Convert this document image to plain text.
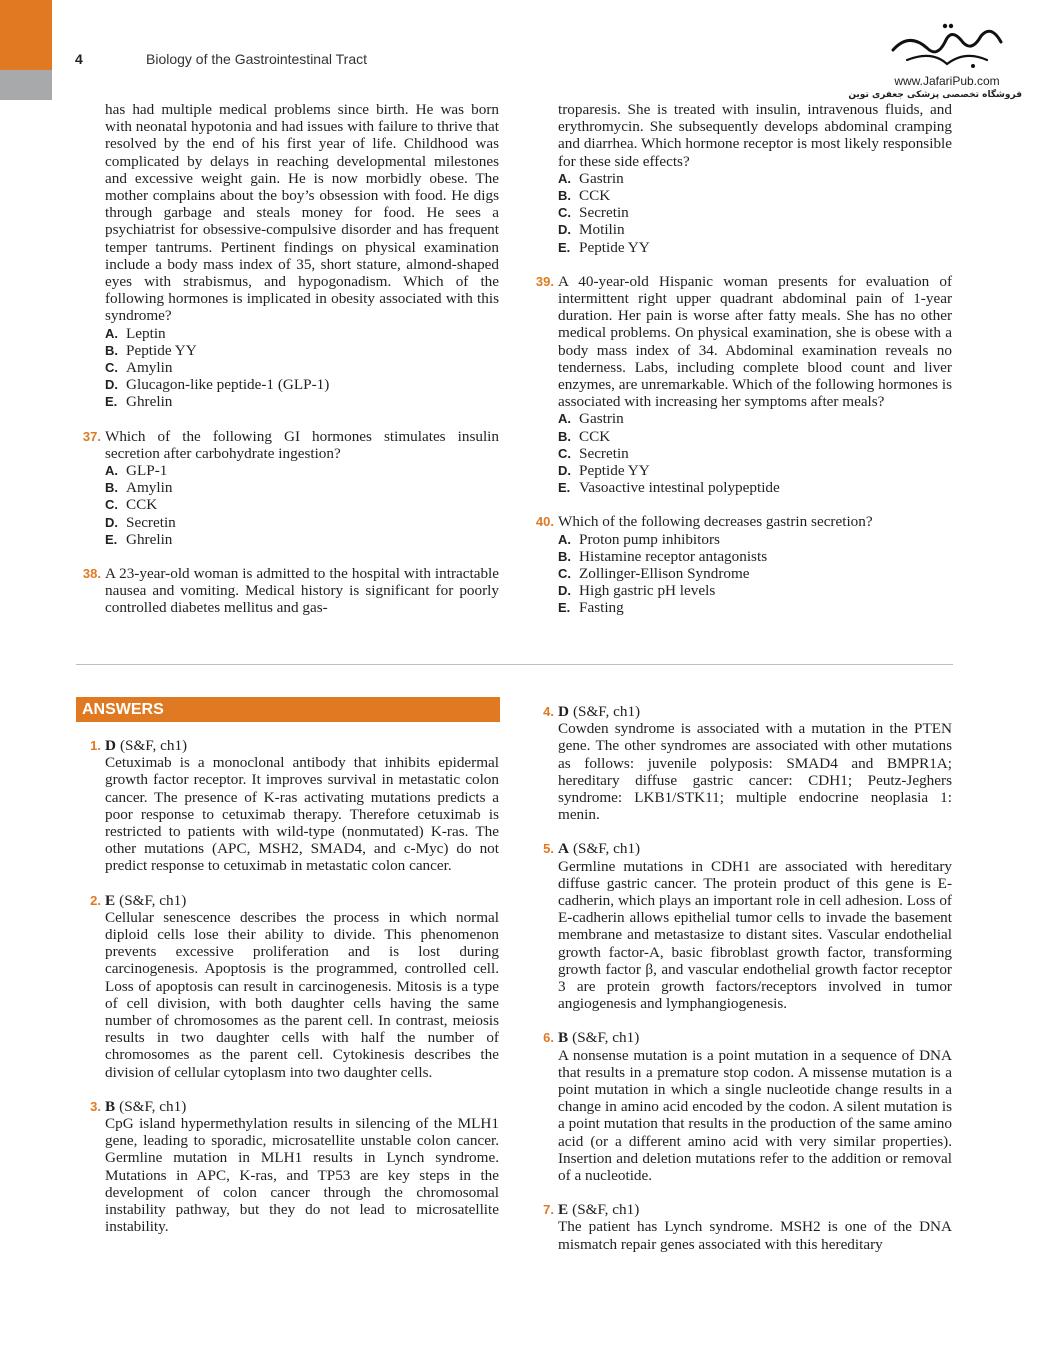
4	Biology of the Gastrointestinal Tract
www.JafariPub.com
فروشگاه تخصصی پزشکی جعفری توین

has had multiple medical problems since birth. He was born with neonatal hypotonia and had issues with failure to thrive that resolved by the end of his first year of life. Childhood was complicated by delays in reaching developmental milestones and excessive weight gain. He is now morbidly obese. The mother complains about the boy’s obsession with food. He digs through garbage and steals money for food. He sees a psychiatrist for obsessive-compulsive disorder and has frequent temper tantrums. Pertinent findings on physical examination include a body mass index of 35, short stature, almond-shaped eyes with strabismus, and hypogonadism. Which of the following hormones is implicated in obesity associated with this syndrome?

A. Leptin
B. Peptide YY
C. Amylin
D. Glucagon-like peptide-1 (GLP-1)
E. Ghrelin
37. Which of the following GI hormones stimulates insulin secretion after carbohydrate ingestion?

A. GLP-1
B. Amylin
C. CCK
D. Secretin
E. Ghrelin
38. A 23-year-old woman is admitted to the hospital with intractable nausea and vomiting. Medical history is significant for poorly controlled diabetes mellitus and gas-

troparesis. She is treated with insulin, intravenous fluids, and erythromycin. She subsequently develops abdominal cramping and diarrhea. Which hormone receptor is most likely responsible for these side effects?

A. Gastrin
B. CCK
C. Secretin
D. Motilin
E. Peptide YY
39. A 40-year-old Hispanic woman presents for evaluation of intermittent right upper quadrant abdominal pain of 1-year duration. Her pain is worse after fatty meals. She has no other medical problems. On physical examination, she is obese with a body mass index of 34. Abdominal examination reveals no tenderness. Labs, including complete blood count and liver enzymes, are unremarkable. Which of the following hormones is associated with increasing her symptoms after meals?

A. Gastrin
B. CCK
C. Secretin
D. Peptide YY
E. Vasoactive intestinal polypeptide
40. Which of the following decreases gastrin secretion?

A. Proton pump inhibitors
B. Histamine receptor antagonists
C. Zollinger-Ellison Syndrome
D. High gastric pH levels
E. Fasting
ANSWERS
1. D (S&F, ch1)

Cetuximab is a monoclonal antibody that inhibits epidermal growth factor receptor. It improves survival in metastatic colon cancer. The presence of K-ras activating mutations predicts a poor response to cetuximab therapy. Therefore cetuximab is restricted to patients with wild-type (nonmutated) K-ras. The other mutations (APC, MSH2, SMAD4, and c-Myc) do not predict response to cetuximab in metastatic colon cancer.

2. E (S&F, ch1)

Cellular senescence describes the process in which normal diploid cells lose their ability to divide. This phenomenon prevents excessive proliferation and is lost during carcinogenesis. Apoptosis is the programmed, controlled cell. Loss of apoptosis can result in carcinogenesis. Mitosis is a type of cell division, with both daughter cells having the same number of chromosomes as the parent cell. In contrast, meiosis results in two daughter cells with half the number of chromosomes as the parent cell. Cytokinesis describes the division of cellular cytoplasm into two daughter cells.

3. B (S&F, ch1)

CpG island hypermethylation results in silencing of the MLH1 gene, leading to sporadic, microsatellite unstable colon cancer. Germline mutation in MLH1 results in Lynch syndrome. Mutations in APC, K-ras, and TP53 are key steps in the development of colon cancer through the chromosomal instability pathway, but they do not lead to microsatellite instability.

4. D (S&F, ch1)

Cowden syndrome is associated with a mutation in the PTEN gene. The other syndromes are associated with other mutations as follows: juvenile polyposis: SMAD4 and BMPR1A; hereditary diffuse gastric cancer: CDH1; Peutz-Jeghers syndrome: LKB1/STK11; multiple endocrine neoplasia 1: menin.

5. A (S&F, ch1)

Germline mutations in CDH1 are associated with hereditary diffuse gastric cancer. The protein product of this gene is E-cadherin, which plays an important role in cell adhesion. Loss of E-cadherin allows epithelial tumor cells to invade the basement membrane and metastasize to distant sites. Vascular endothelial growth factor-A, basic fibroblast growth factor, transforming growth factor β, and vascular endothelial growth factor receptor 3 are protein growth factors/receptors involved in tumor angiogenesis and lymphangiogenesis.

6. B (S&F, ch1)

A nonsense mutation is a point mutation in a sequence of DNA that results in a premature stop codon. A missense mutation is a point mutation in which a single nucleotide change results in a change in amino acid encoded by the codon. A silent mutation is a point mutation that results in the production of the same amino acid (or a different amino acid with very similar properties). Insertion and deletion mutations refer to the addition or removal of a nucleotide.

7. E (S&F, ch1)

The patient has Lynch syndrome. MSH2 is one of the DNA mismatch repair genes associated with this hereditary
